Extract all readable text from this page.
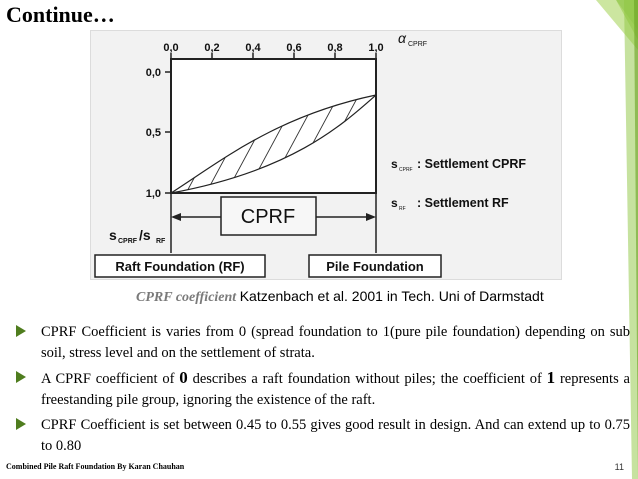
Continue…
0,0 0,2 0,4 0,6 0,8 1,0
α CPRF
0,0
0,5
1,0
CPRF
s CPRF /s RF
s CPRF : Settlement CPRF
s RF : Settlement RF
Raft Foundation (RF)	Pile Foundation
CPRF coefficient Katzenbach et al. 2001 in Tech. Uni of Darmstadt

CPRF Coefficient is varies from 0 (spread foundation to 1(pure pile foundation) depending on sub soil, stress level and on the settlement of strata.

A CPRF coefficient of 0 describes a raft foundation without piles; the coefficient of 1 represents a freestanding pile group, ignoring the existence of the raft.

CPRF Coefficient is set between 0.45 to 0.55 gives good result in design. And can extend up to 0.75 to 0.80

Combined Pile Raft Foundation By Karan Chauhan	11
